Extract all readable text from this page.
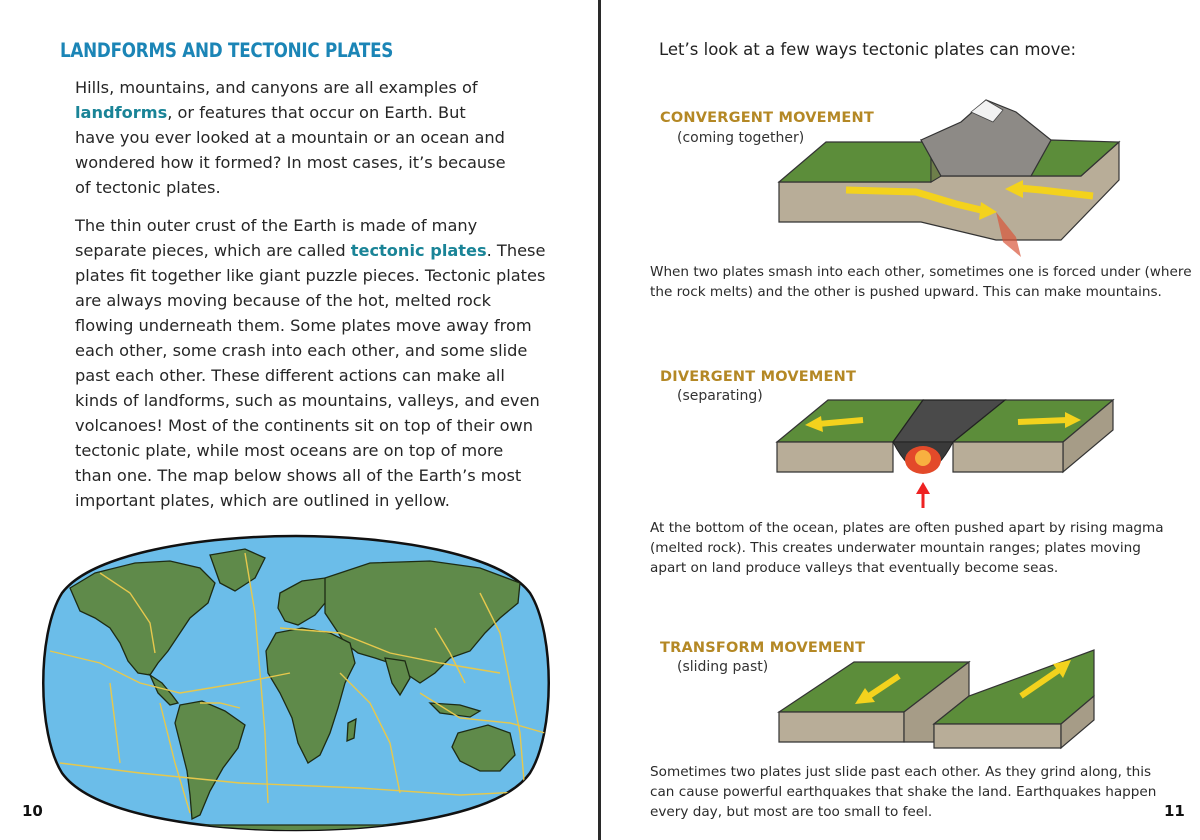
LANDFORMS AND TECTONIC PLATES
Hills, mountains, and canyons are all examples of
landforms, or features that occur on Earth. But
have you ever looked at a mountain or an ocean and
wondered how it formed? In most cases, it’s because
of tectonic plates.
The thin outer crust of the Earth is made of many
separate pieces, which are called tectonic plates. These
plates fit together like giant puzzle pieces. Tectonic plates
are always moving because of the hot, melted rock
flowing underneath them. Some plates move away from
each other, some crash into each other, and some slide
past each other. These different actions can make all
kinds of landforms, such as mountains, valleys, and even
volcanoes! Most of the continents sit on top of their own
tectonic plate, while most oceans are on top of more
than one. The map below shows all of the Earth’s most
important plates, which are outlined in yellow.
10
Let’s look at a few ways tectonic plates can move:
CONVERGENT MOVEMENT
(coming together)
When two plates smash into each other, sometimes one is forced under (where
the rock melts) and the other is pushed upward. This can make mountains.
DIVERGENT MOVEMENT
(separating)
At the bottom of the ocean, plates are often pushed apart by rising magma
(melted rock). This creates underwater mountain ranges; plates moving
apart on land produce valleys that eventually become seas.
TRANSFORM MOVEMENT
(sliding past)
Sometimes two plates just slide past each other. As they grind along, this
can cause powerful earthquakes that shake the land. Earthquakes happen
every day, but most are too small to feel.	11
